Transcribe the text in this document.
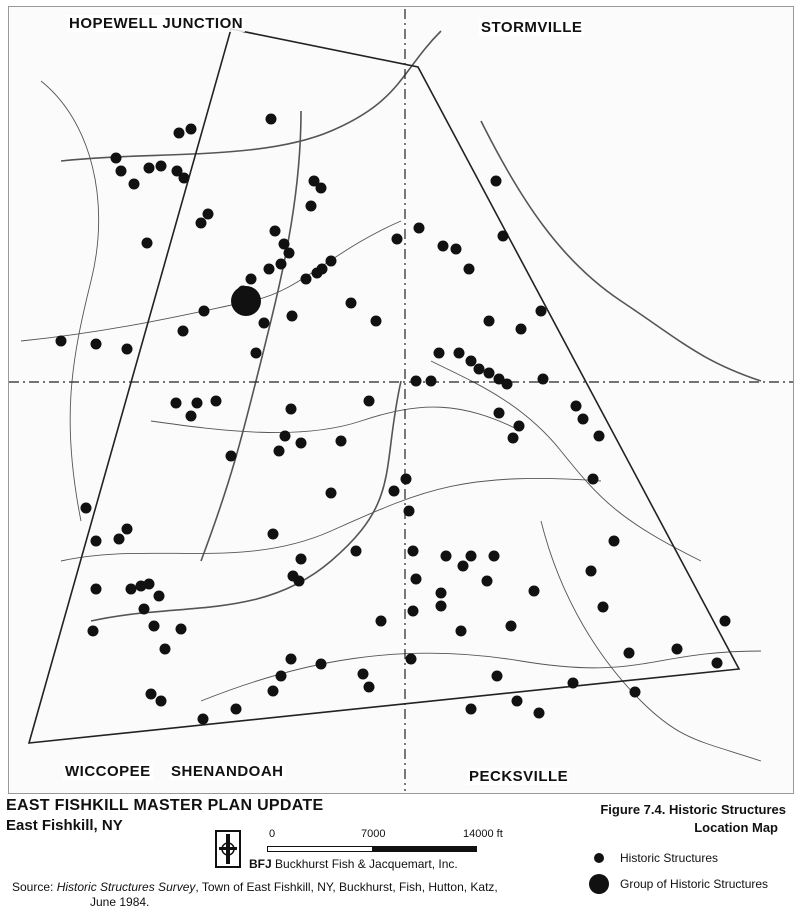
HOPEWELL JUNCTION	STORMVILLE
WICCOPEE SHENANDOAH	PECKSVILLE
EAST FISHKILL MASTER PLAN UPDATE
East Fishkill, NY
Figure 7.4. Historic Structures
Location Map
0	7000	14000 ft
BFJ Buckhurst Fish & Jacquemart, Inc.
Source: Historic Structures Survey, Town of East Fishkill, NY, Buckhurst, Fish, Hutton, Katz,
June 1984.
Historic Structures
Group of Historic Structures
